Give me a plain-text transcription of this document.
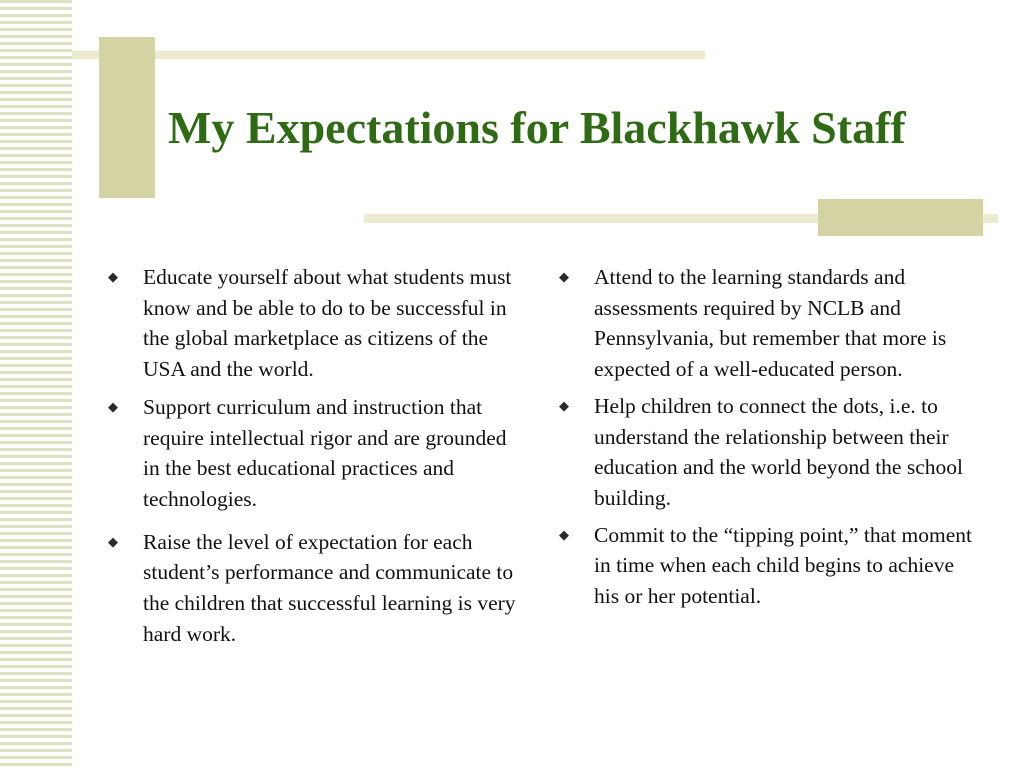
My Expectations for Blackhawk Staff
◆ Educate yourself about what students must know and be able to do to be successful in the global marketplace as citizens of the USA and the world.
◆ Support curriculum and instruction that require intellectual rigor and are grounded in the best educational practices and technologies.
◆ Raise the level of expectation for each student’s performance and communicate to the children that successful learning is very hard work.
◆ Attend to the learning standards and assessments required by NCLB and Pennsylvania, but remember that more is expected of a well-educated person.
◆ Help children to connect the dots, i.e. to understand the relationship between their education and the world beyond the school building.
◆ Commit to the “tipping point,” that moment in time when each child begins to achieve his or her potential.
